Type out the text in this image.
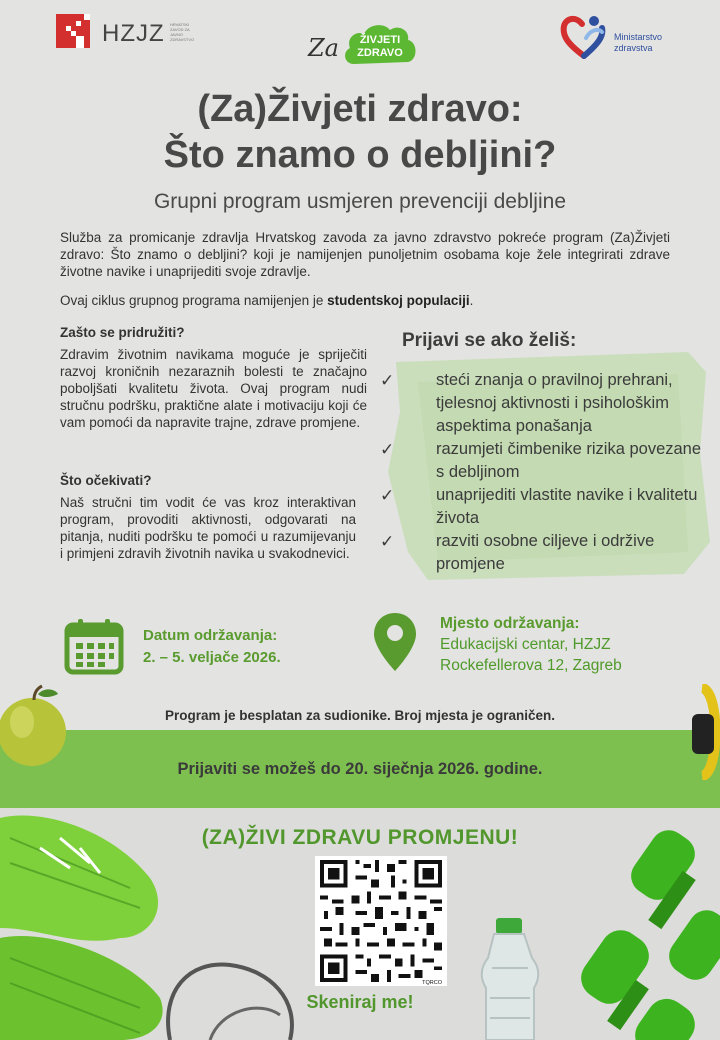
HZJZ HRVATSKI ZAVOD ZA JAVNO ZDRAVSTVO	Za ŽIVJETI
ZDRAVO
Ministarstvo
zdravstva
(Za)Živjeti zdravo:
Što znamo o debljini?
Grupni program usmjeren prevenciji debljine
Služba za promicanje zdravlja Hrvatskog zavoda za javno zdravstvo pokreće program (Za)Živjeti zdravo: Što znamo o debljini? koji je namijenjen punoljetnim osobama koje žele integrirati zdrave životne navike i unaprijediti svoje zdravlje.
Ovaj ciklus grupnog programa namijenjen je studentskoj populaciji.
Zašto se pridružiti?
Zdravim životnim navikama moguće je spriječiti razvoj kroničnih nezaraznih bolesti te značajno poboljšati kvalitetu života. Ovaj program nudi stručnu podršku, praktične alate i motivaciju koji će vam pomoći da napravite trajne, zdrave promjene.
Što očekivati?
Naš stručni tim vodit će vas kroz interaktivan program, provoditi aktivnosti, odgovarati na pitanja, nuditi podršku te pomoći u razumijevanju i primjeni zdravih životnih navika u svakodnevici.
Prijavi se ako želiš:
✓	steći znanja o pravilnoj prehrani, tjelesnoj aktivnosti i psihološkim aspektima ponašanja
✓	razumjeti čimbenike rizika povezane s debljinom
✓	unaprijediti vlastite navike i kvalitetu života
✓	razviti osobne ciljeve i održive promjene
Datum održavanja:
2. – 5. veljače 2026.
Mjesto održavanja:
Edukacijski centar, HZJZ
Rockefellerova 12, Zagreb
Program je besplatan za sudionike. Broj mjesta je ograničen.
Prijaviti se možeš do 20. siječnja 2026. godine.
(ZA)ŽIVI ZDRAVU PROMJENU!
TQRCO
Skeniraj me!
